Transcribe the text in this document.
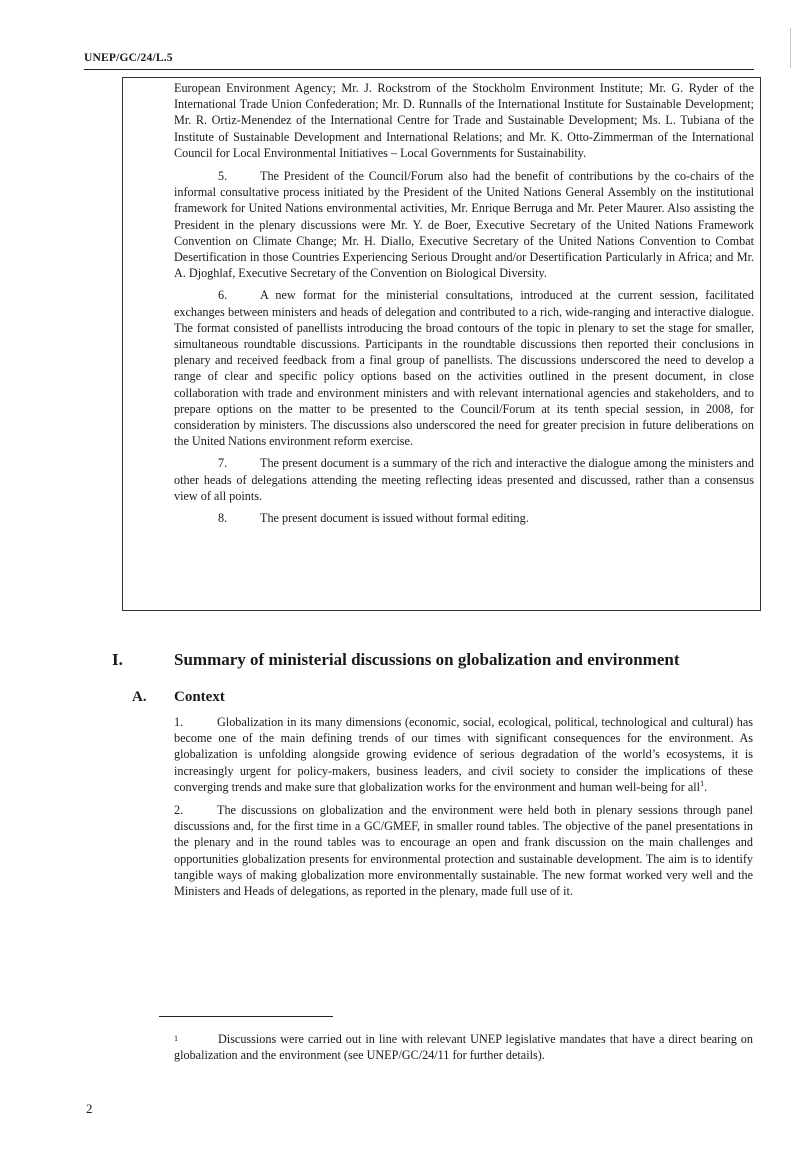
UNEP/GC/24/L.5

European Environment Agency; Mr. J. Rockstrom of the Stockholm Environment Institute; Mr. G. Ryder of the International Trade Union Confederation; Mr. D. Runnalls of the International Institute for Sustainable Development; Mr. R. Ortiz-Menendez of the International Centre for Trade and Sustainable Development; Ms. L. Tubiana of the Institute of Sustainable Development and International Relations; and Mr. K. Otto-Zimmerman of the International Council for Local Environmental Initiatives – Local Governments for Sustainability.

5.	The President of the Council/Forum also had the benefit of contributions by the co-chairs of the informal consultative process initiated by the President of the United Nations General Assembly on the institutional framework for United Nations environmental activities, Mr. Enrique Berruga and Mr. Peter Maurer. Also assisting the President in the plenary discussions were Mr. Y. de Boer, Executive Secretary of the United Nations Framework Convention on Climate Change; Mr. H. Diallo, Executive Secretary of the United Nations Convention to Combat Desertification in those Countries Experiencing Serious Drought and/or Desertification Particularly in Africa; and Mr. A. Djoghlaf, Executive Secretary of the Convention on Biological Diversity.

6.	A new format for the ministerial consultations, introduced at the current session, facilitated exchanges between ministers and heads of delegation and contributed to a rich, wide-ranging and interactive dialogue. The format consisted of panellists introducing the broad contours of the topic in plenary to set the stage for smaller, simultaneous roundtable discussions. Participants in the roundtable discussions then reported their conclusions in plenary and received feedback from a final group of panellists. The discussions underscored the need to develop a range of clear and specific policy options based on the activities outlined in the present document, in close collaboration with trade and environment ministers and with relevant international agencies and stakeholders, and to prepare options on the matter to be presented to the Council/Forum at its tenth special session, in 2008, for consideration by ministers. The discussions also underscored the need for greater precision in future deliberations on the United Nations environment reform exercise.

7.	The present document is a summary of the rich and interactive the dialogue among the ministers and other heads of delegations attending the meeting reflecting ideas presented and discussed, rather than a consensus view of all points.

8.	The present document is issued without formal editing.

I.	Summary of ministerial discussions on globalization and environment
A. Context

1.	Globalization in its many dimensions (economic, social, ecological, political, technological and cultural) has become one of the main defining trends of our times with significant consequences for the environment. As globalization is unfolding alongside growing evidence of serious degradation of the world’s ecosystems, it is increasingly urgent for policy-makers, business leaders, and civil society to consider the implications of these converging trends and make sure that globalization works for the environment and human well-being for all$^1$.

2.	The discussions on globalization and the environment were held both in plenary sessions through panel discussions and, for the first time in a GC/GMEF, in smaller round tables. The objective of the panel presentations in the plenary and in the round tables was to encourage an open and frank discussion on the main challenges and opportunities globalization presents for environmental protection and sustainable development. The aim is to identify tangible ways of making globalization more environmentally sustainable. The new format worked very well and the Ministers and Heads of delegations, as reported in the plenary, made full use of it.

1	Discussions were carried out in line with relevant UNEP legislative mandates that have a direct bearing on globalization and the environment (see UNEP/GC/24/11 for further details).
2
